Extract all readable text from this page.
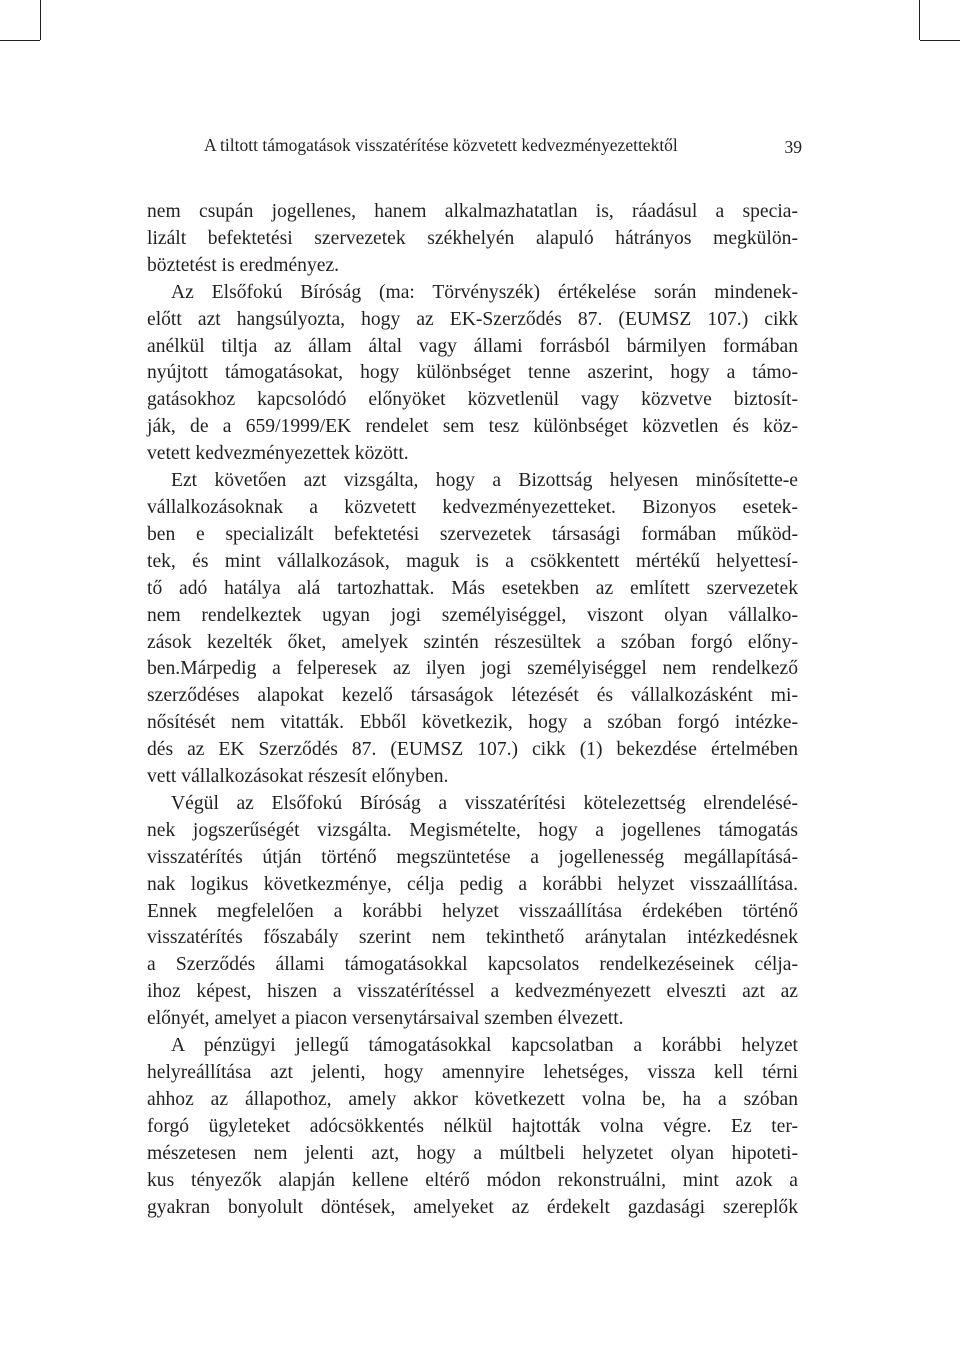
A tiltott támogatások visszatérítése közvetett kedvezményezettektől	39

nem csupán jogellenes, hanem alkalmazhatatlan is, ráadásul a specia-
lizált befektetési szervezetek székhelyén alapuló hátrányos megkülön-
böztetést is eredményez.

Az Elsőfokú Bíróság (ma: Törvényszék) értékelése során mindenek-
előtt azt hangsúlyozta, hogy az EK-Szerződés 87. (EUMSZ 107.) cikk
anélkül tiltja az állam által vagy állami forrásból bármilyen formában
nyújtott támogatásokat, hogy különbséget tenne aszerint, hogy a támo-
gatásokhoz kapcsolódó előnyöket közvetlenül vagy közvetve biztosít-
ják, de a 659/1999/EK rendelet sem tesz különbséget közvetlen és köz-
vetett kedvezményezettek között.

Ezt követően azt vizsgálta, hogy a Bizottság helyesen minősítette-e
vállalkozásoknak a közvetett kedvezményezetteket. Bizonyos esetek-
ben e specializált befektetési szervezetek társasági formában működ-
tek, és mint vállalkozások, maguk is a csökkentett mértékű helyettesí-
tő adó hatálya alá tartozhattak. Más esetekben az említett szervezetek
nem rendelkeztek ugyan jogi személyiséggel, viszont olyan vállalko-
zások kezelték őket, amelyek szintén részesültek a szóban forgó előny-
ben.Márpedig a felperesek az ilyen jogi személyiséggel nem rendelkező
szerződéses alapokat kezelő társaságok létezését és vállalkozásként mi-
nősítését nem vitatták. Ebből következik, hogy a szóban forgó intézke-
dés az EK Szerződés 87. (EUMSZ 107.) cikk (1) bekezdése értelmében
vett vállalkozásokat részesít előnyben.

Végül az Elsőfokú Bíróság a visszatérítési kötelezettség elrendelésé-
nek jogszerűségét vizsgálta. Megismételte, hogy a jogellenes támogatás
visszatérítés útján történő megszüntetése a jogellenesség megállapításá-
nak logikus következménye, célja pedig a korábbi helyzet visszaállítása.
Ennek megfelelően a korábbi helyzet visszaállítása érdekében történő
visszatérítés főszabály szerint nem tekinthető aránytalan intézkedésnek
a Szerződés állami támogatásokkal kapcsolatos rendelkezéseinek célja-
ihoz képest, hiszen a visszatérítéssel a kedvezményezett elveszti azt az
előnyét, amelyet a piacon versenytársaival szemben élvezett.

A pénzügyi jellegű támogatásokkal kapcsolatban a korábbi helyzet
helyreállítása azt jelenti, hogy amennyire lehetséges, vissza kell térni
ahhoz az állapothoz, amely akkor következett volna be, ha a szóban
forgó ügyleteket adócsökkentés nélkül hajtották volna végre. Ez ter-
mészetesen nem jelenti azt, hogy a múltbeli helyzetet olyan hipoteti-
kus tényezők alapján kellene eltérő módon rekonstruálni, mint azok a
gyakran bonyolult döntések, amelyeket az érdekelt gazdasági szereplők
